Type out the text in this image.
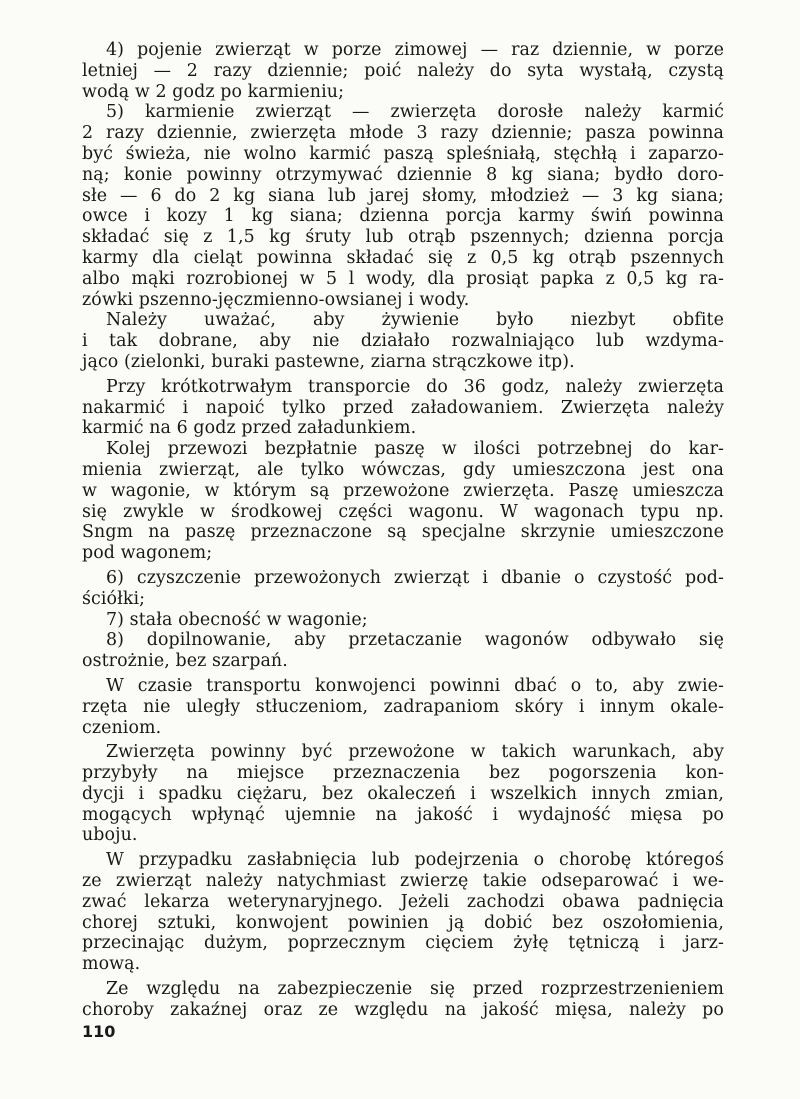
4) pojenie zwierząt w porze zimowej — raz dziennie, w porze
letniej — 2 razy dziennie; poić należy do syta wystałą, czystą
wodą w 2 godz po karmieniu;
5) karmienie zwierząt — zwierzęta dorosłe należy karmić
2 razy dziennie, zwierzęta młode 3 razy dziennie; pasza powinna
być świeża, nie wolno karmić paszą spleśniałą, stęchłą i zaparzo-
ną; konie powinny otrzymywać dziennie 8 kg siana; bydło doro-
słe — 6 do 2 kg siana lub jarej słomy, młodzież — 3 kg siana;
owce i kozy 1 kg siana; dzienna porcja karmy świń powinna
składać się z 1,5 kg śruty lub otrąb pszennych; dzienna porcja
karmy dla cieląt powinna składać się z 0,5 kg otrąb pszennych
albo mąki rozrobionej w 5 l wody, dla prosiąt papka z 0,5 kg ra-
zówki pszenno-jęczmienno-owsianej i wody.
Należy uważać, aby żywienie było niezbyt obfite
i tak dobrane, aby nie działało rozwalniająco lub wzdyma-
jąco (zielonki, buraki pastewne, ziarna strączkowe itp).
Przy krótkotrwałym transporcie do 36 godz, należy zwierzęta
nakarmić i napoić tylko przed załadowaniem. Zwierzęta należy
karmić na 6 godz przed załadunkiem.
Kolej przewozi bezpłatnie paszę w ilości potrzebnej do kar-
mienia zwierząt, ale tylko wówczas, gdy umieszczona jest ona
w wagonie, w którym są przewożone zwierzęta. Paszę umieszcza
się zwykle w środkowej części wagonu. W wagonach typu np.
Sngm na paszę przeznaczone są specjalne skrzynie umieszczone
pod wagonem;
6) czyszczenie przewożonych zwierząt i dbanie o czystość pod-
ściółki;
7) stała obecność w wagonie;
8) dopilnowanie, aby przetaczanie wagonów odbywało się
ostrożnie, bez szarpań.
W czasie transportu konwojenci powinni dbać o to, aby zwie-
rzęta nie uległy stłuczeniom, zadrapaniom skóry i innym okale-
czeniom.
Zwierzęta powinny być przewożone w takich warunkach, aby
przybyły na miejsce przeznaczenia bez pogorszenia kon-
dycji i spadku ciężaru, bez okaleczeń i wszelkich innych zmian,
mogących wpłynąć ujemnie na jakość i wydajność mięsa po
uboju.
W przypadku zasłabnięcia lub podejrzenia o chorobę któregoś
ze zwierząt należy natychmiast zwierzę takie odseparować i we-
zwać lekarza weterynaryjnego. Jeżeli zachodzi obawa padnięcia
chorej sztuki, konwojent powinien ją dobić bez oszołomienia,
przecinając dużym, poprzecznym cięciem żyłę tętniczą i jarz-
mową.
Ze względu na zabezpieczenie się przed rozprzestrzenieniem
choroby zakaźnej oraz ze względu na jakość mięsa, należy po
110
